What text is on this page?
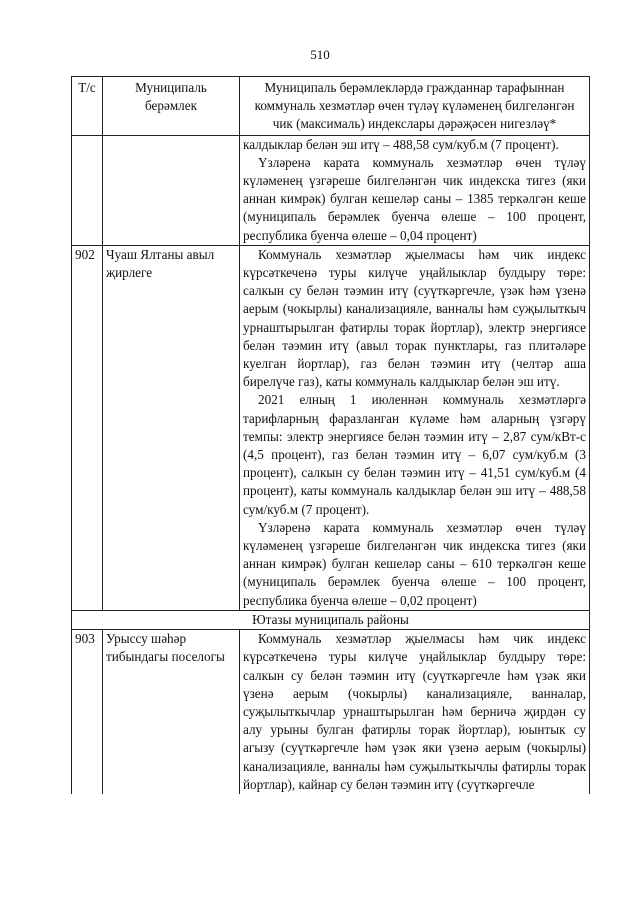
510
Т/с	Муниципаль берәмлек	Муниципаль берәмлекләрдә гражданнар тарафыннан коммуналь хезмәтләр өчен түләү күләменең билгеләнгән чик (максималь) индекслары дәрәҗәсен нигезләү*

		калдыклар белән эш итү – 488,58 сум/куб.м (7 процент).

Үзләренә карата коммуналь хезмәтләр өчен түләү күләменең үзгәреше билгеләнгән чик индекска тигез (яки аннан кимрәк) булган кешеләр саны – 1385 теркәлгән кеше (муниципаль берәмлек буенча өлеше – 100 процент, республика буенча өлеше – 0,04 процент)

902	Чуаш Ялтаны авыл җирлеге	Коммуналь хезмәтләр җыелмасы һәм чик индекс күрсәткеченә туры килүче уңайлыклар булдыру төре: салкын су белән тәэмин итү (суүткәргечле, үзәк һәм үзенә аерым (чокырлы) канализацияле, ванналы һәм суҗылыткыч урнаштырылган фатирлы торак йортлар), электр энергиясе белән тәэмин итү (авыл торак пунктлары, газ плитәләре куелган йортлар), газ белән тәэмин итү (челтәр аша бирелүче газ), каты коммуналь калдыклар белән эш итү.

2021 елның 1 июленнән коммуналь хезмәтләргә тарифларның фаразланган күләме һәм аларның үзгәрү темпы: электр энергиясе белән тәэмин итү – 2,87 сум/кВт-с (4,5 процент), газ белән тәэмин итү – 6,07 сум/куб.м (3 процент), салкын су белән тәэмин итү – 41,51 сум/куб.м (4 процент), каты коммуналь калдыклар белән эш итү – 488,58 сум/куб.м (7 процент).

Үзләренә карата коммуналь хезмәтләр өчен түләү күләменең үзгәреше билгеләнгән чик индекска тигез (яки аннан кимрәк) булган кешеләр саны – 610 теркәлгән кеше (муниципаль берәмлек буенча өлеше – 100 процент, республика буенча өлеше – 0,02 процент)

Ютазы муниципаль районы		
903	Урыссу шәһәр тибындагы поселогы	Коммуналь хезмәтләр җыелмасы һәм чик индекс күрсәткеченә туры килүче уңайлыклар булдыру төре: салкын су белән тәэмин итү (суүткәргечле һәм үзәк яки үзенә аерым (чокырлы) канализацияле, ванналар, суҗылыткычлар урнаштырылган һәм берничә җирдән су алу урыны булган фатирлы торак йортлар), юынтык су агызу (суүткәргечле һәм үзәк яки үзенә аерым (чокырлы) канализацияле, ванналы һәм суҗылыткычлы фатирлы торак йортлар), кайнар су белән тәэмин итү (суүткәргечле
